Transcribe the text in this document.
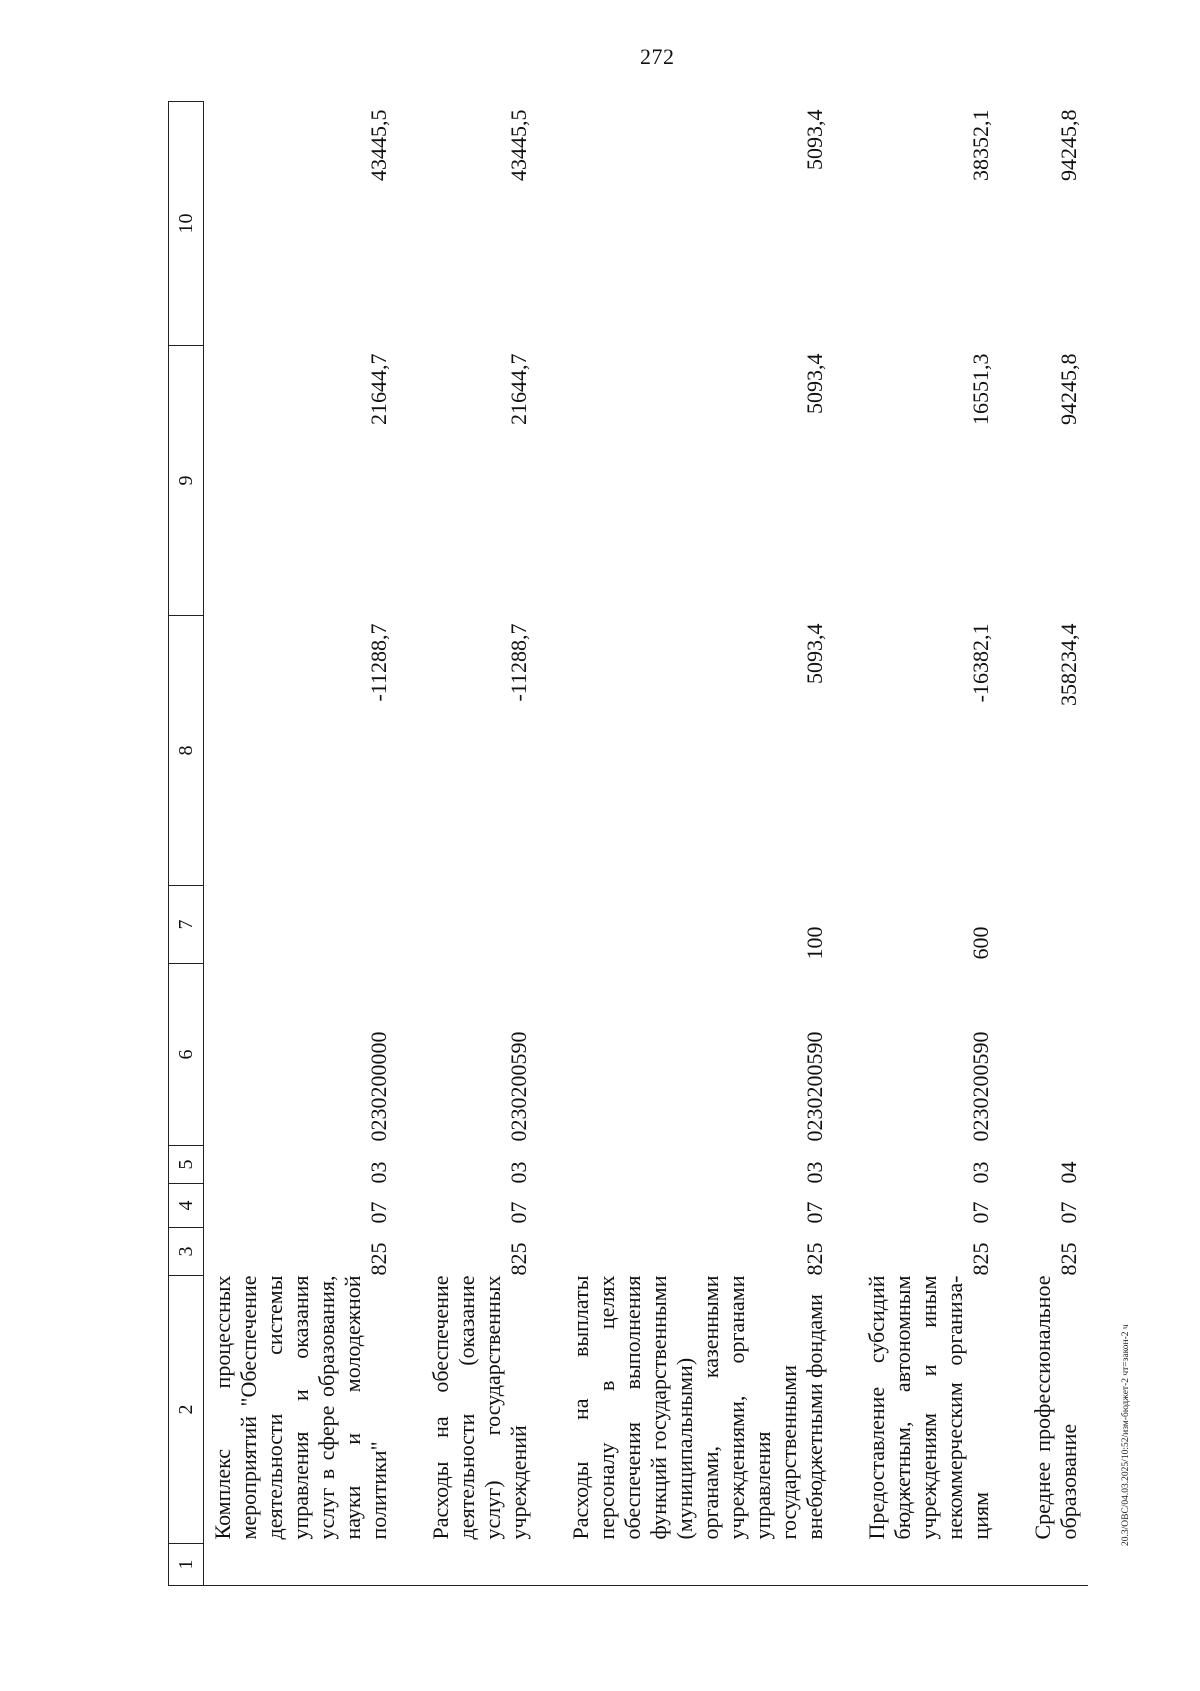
272
1	2	3	4	5	6	7	8	9	10
	Комплекс процессных мероприятий "Обеспечение деятельности системы управления и оказания услуг в сфере образования, науки и молодежной политики"	825	07	03	0230200000		-11288,7	21644,7	43445,5

	Расходы на обеспечение деятельности (оказание услуг) государственных учреждений	825	07	03	0230200590		-11288,7	21644,7	43445,5

	Расходы на выплаты персоналу в целях обеспечения выполнения функций государственными (муниципальными) органами, казенными учреждениями, органами управления государственными внебюджетными фондами	825	07	03	0230200590	100	5093,4	5093,4	5093,4

	Предоставление субсидий бюджетным, автономным учреждениям и иным некоммерческим организациям	825	07	03	0230200590	600	-16382,1	16551,3	38352,1

	Среднее профессиональное образование	825	07	04			358234,4	94245,8	94245,8
20.3/ОВС/04.03.2025/10:52/изм-бюджет-2 чт=закон-2 ч
